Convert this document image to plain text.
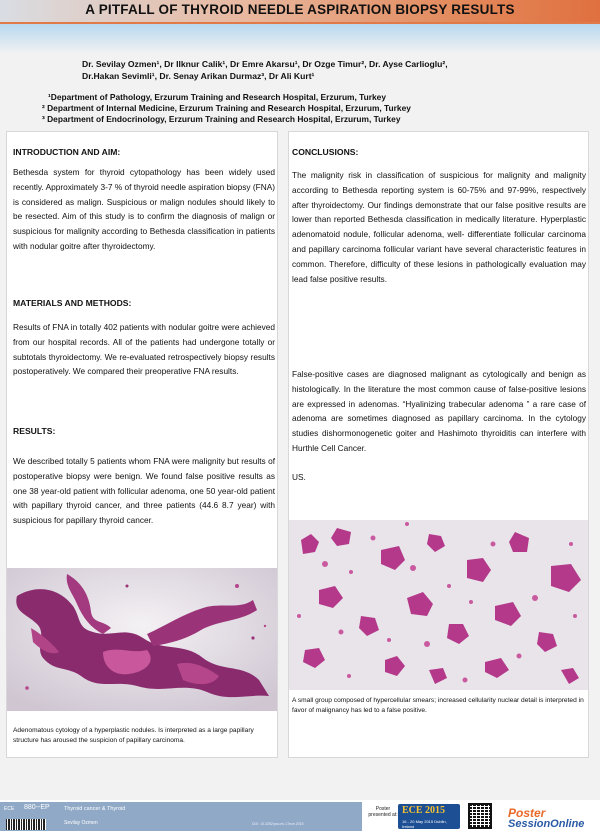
A PITFALL OF THYROID NEEDLE ASPIRATION BIOPSY RESULTS
Dr. Sevilay Ozmen¹, Dr Ilknur Calik¹, Dr Emre Akarsu¹, Dr Ozge Timur², Dr. Ayse Carlioglu²,
Dr.Hakan Sevimli¹, Dr. Senay Arikan Durmaz³, Dr Ali Kurt¹
¹Department of Pathology, Erzurum Training and Research Hospital, Erzurum, Turkey
² Department of Internal Medicine, Erzurum Training and Research Hospital, Erzurum, Turkey
³ Department of Endocrinology, Erzurum Training and Research Hospital, Erzurum, Turkey
INTRODUCTION AND AIM:
Bethesda system for thyroid cytopathology has been widely used recently. Approximately 3-7 % of thyroid needle aspiration biopsy (FNA) is considered as malign. Suspicious or malign nodules should likely to be resected. Aim of this study is to confirm the diagnosis of malign or suspicious for malignity according to Bethesda classification in patients with nodular goitre after thyroidectomy.
MATERIALS AND METHODS:
Results of FNA in totally 402 patients with nodular goitre were achieved from our hospital records. All of the patients had undergone totally or subtotals thyroidectomy. We re-evaluated retrospectively biopsy results postoperatively. We compared their preoperative FNA results.
RESULTS:
We described totally 5 patients whom FNA were malignity but results of postoperative biopsy were benign. We found false positive results as one 38 year-old patient with follicular adenoma, one 50 year-old patient with papillary thyroid cancer, and three patients (44.6 8.7 year) with suspicious for papillary thyroid cancer.
Adenomatous cytology of a hyperplastic nodules. Is interpreted as a large papillary structure has aroused the suspicion of papillary carcinoma.
CONCLUSIONS:
The malignity risk in classification of suspicious for malignity and malignity according to Bethesda reporting system is 60-75% and 97-99%, respectively after thyroidectomy. Our findings demonstrate that our false positive results are lower than reported Bethesda classification in medically literature. Hyperplastic adenomatoid nodule, follicular adenoma, well- differentiate follicular carcinoma and papillary carcinoma follicular variant have several characteristic features in common. Therefore, difficulty of these lesions in pathologically evaluation may lead false positive results.
False-positive cases are diagnosed malignant as cytologically and benign as histologically. In the literature the most common cause of false-positive lesions are expressed in adenomas. “Hyalinizing trabecular adenoma ” a rare case of adenoma are sometimes diagnosed as papillary carcinoma. In the cytology studies dishormonogenetic goiter and Hashimoto thyroiditis can interfere with Hurthle Cell Cancer.
US.
A small group composed of hypercellular smears; increased cellularity nuclear detail is interpreted in favor of malignancy has led to a false positive.
ECE 880--EP	Thyroid cancer & Thyroid
Sevilay Ozmen	DOI: 10.3252/pso.eu.17ece.2015
Poster presented at: ECE 2015
16 - 20 May 2015 Dublin, Ireland
Poster
SessionOnline
